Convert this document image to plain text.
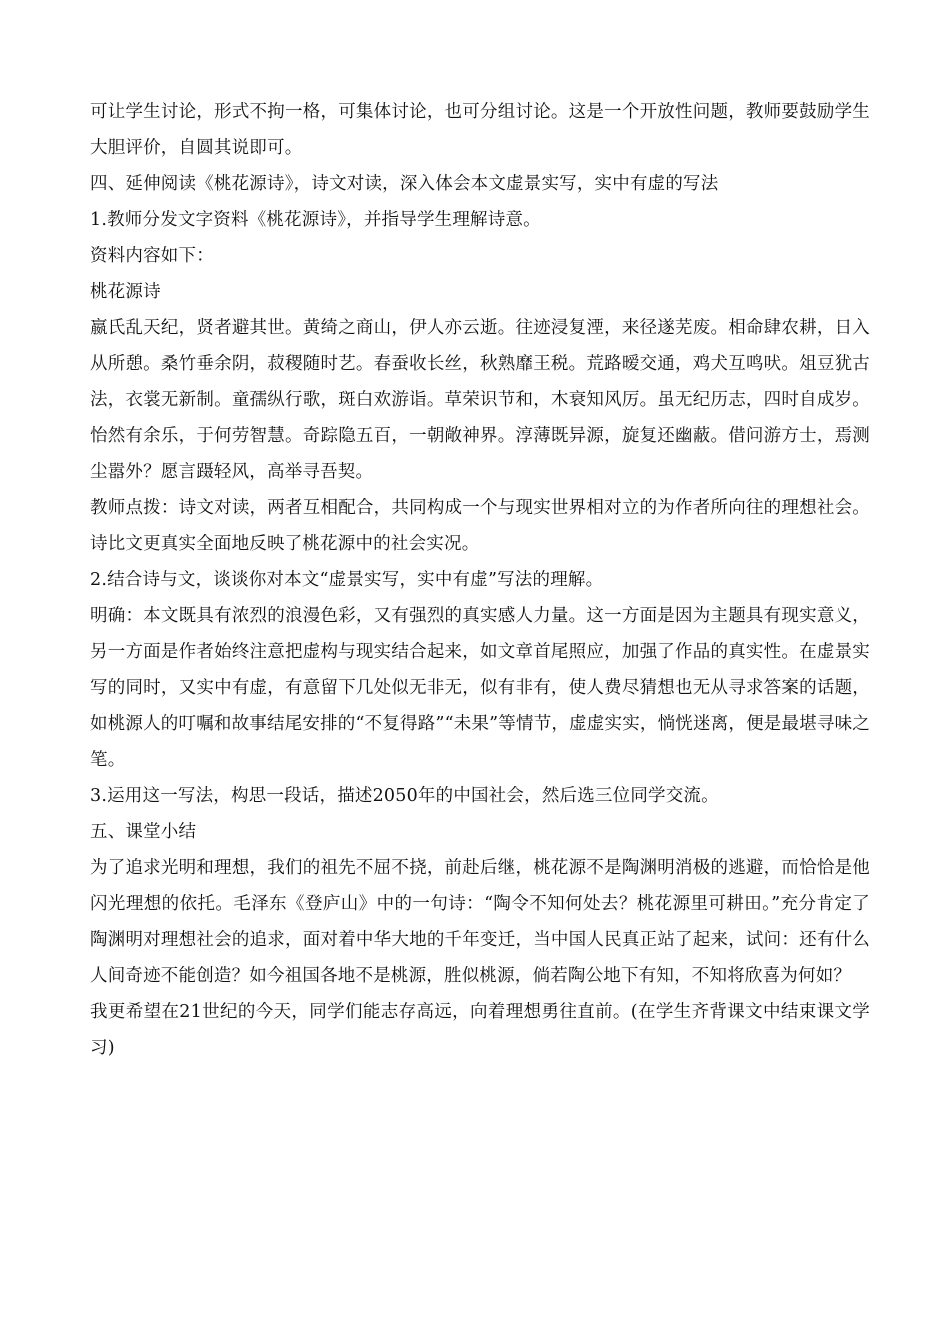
可让学生讨论，形式不拘一格，可集体讨论，也可分组讨论。这是一个开放性问题，教师要鼓励学生大胆评价，自圆其说即可。

四、延伸阅读《桃花源诗》，诗文对读，深入体会本文虚景实写，实中有虚的写法

1.教师分发文字资料《桃花源诗》，并指导学生理解诗意。

资料内容如下：

桃花源诗

嬴氏乱天纪，贤者避其世。黄绮之商山，伊人亦云逝。往迹浸复湮，来径遂芜废。相命肆农耕，日入从所憩。桑竹垂余阴，菽稷随时艺。春蚕收长丝，秋熟靡王税。荒路暧交通，鸡犬互鸣吠。俎豆犹古法，衣裳无新制。童孺纵行歌，斑白欢游诣。草荣识节和，木衰知风厉。虽无纪历志，四时自成岁。怡然有余乐，于何劳智慧。奇踪隐五百，一朝敞神界。淳薄既异源，旋复还幽蔽。借问游方士，焉测尘嚣外？愿言蹑轻风，高举寻吾契。

教师点拨：诗文对读，两者互相配合，共同构成一个与现实世界相对立的为作者所向往的理想社会。诗比文更真实全面地反映了桃花源中的社会实况。

2.结合诗与文，谈谈你对本文“虚景实写，实中有虚”写法的理解。

明确：本文既具有浓烈的浪漫色彩，又有强烈的真实感人力量。这一方面是因为主题具有现实意义，另一方面是作者始终注意把虚构与现实结合起来，如文章首尾照应，加强了作品的真实性。在虚景实写的同时，又实中有虚，有意留下几处似无非无，似有非有，使人费尽猜想也无从寻求答案的话题，如桃源人的叮嘱和故事结尾安排的“不复得路”“未果”等情节，虚虚实实，惝恍迷离，便是最堪寻味之笔。

3.运用这一写法，构思一段话，描述2050年的中国社会，然后选三位同学交流。

五、课堂小结

为了追求光明和理想，我们的祖先不屈不挠，前赴后继，桃花源不是陶渊明消极的逃避，而恰恰是他闪光理想的依托。毛泽东《登庐山》中的一句诗：“陶令不知何处去？桃花源里可耕田。”充分肯定了陶渊明对理想社会的追求，面对着中华大地的千年变迁，当中国人民真正站了起来，试问：还有什么人间奇迹不能创造？如今祖国各地不是桃源，胜似桃源，倘若陶公地下有知，不知将欣喜为何如？

我更希望在21世纪的今天，同学们能志存高远，向着理想勇往直前。(在学生齐背课文中结束课文学习)
